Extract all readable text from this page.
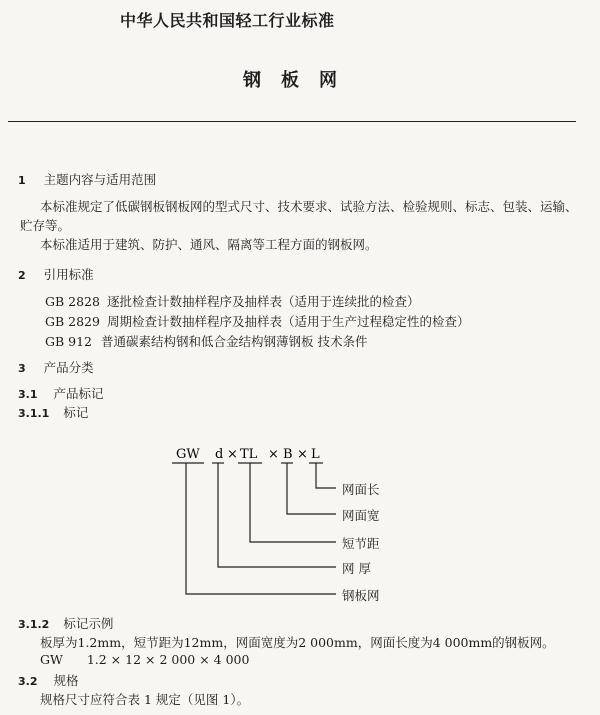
中华人民共和国轻工行业标准
钢板网
1 主题内容与适用范围
本标准规定了低碳钢板钢板网的型式尺寸、技术要求、试验方法、检验规则、标志、包装、运输、
贮存等。
本标准适用于建筑、防护、通风、隔离等工程方面的钢板网。
2 引用标准
GB 2828 逐批检查计数抽样程序及抽样表（适用于连续批的检查）
GB 2829 周期检查计数抽样程序及抽样表（适用于生产过程稳定性的检查）
GB 912 普通碳素结构钢和低合金结构钢薄钢板 技术条件
3 产品分类
3.1 产品标记
3.1.1 标记
GW d × TL × B × L
网面长
网面宽
短节距
网 厚
钢板网
3.1.2 标记示例
板厚为1.2mm，短节距为12mm，网面宽度为2 000mm，网面长度为4 000mm的钢板网。
GW 1.2 × 12 × 2 000 × 4 000
3.2 规格
规格尺寸应符合表 1 规定（见图 1）。
